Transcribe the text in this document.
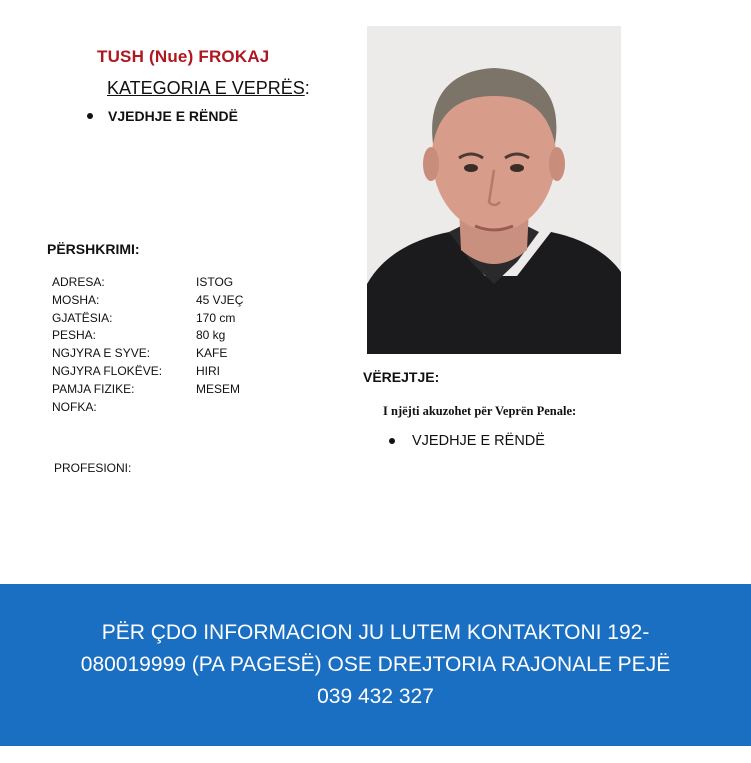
TUSH (Nue) FROKAJ
KATEGORIA E VEPRËS:
VJEDHJE E RËNDË
PËRSHKRIMI:
ADRESA:	ISTOG
MOSHA:	45 VJEÇ
GJATËSIA:	170 cm
PESHA:	80 kg
NGJYRA E SYVE:	KAFE
NGJYRA FLOKËVE:	HIRI
PAMJA FIZIKE:	MESEM
NOFKA:
PROFESIONI:
VËREJTJE:
I njëjti akuzohet për Veprën Penale:
VJEDHJE E RËNDË
PËR ÇDO INFORMACION JU LUTEM KONTAKTONI 192-080019999 (PA PAGESË) OSE DREJTORIA RAJONALE PEJË 039 432 327
